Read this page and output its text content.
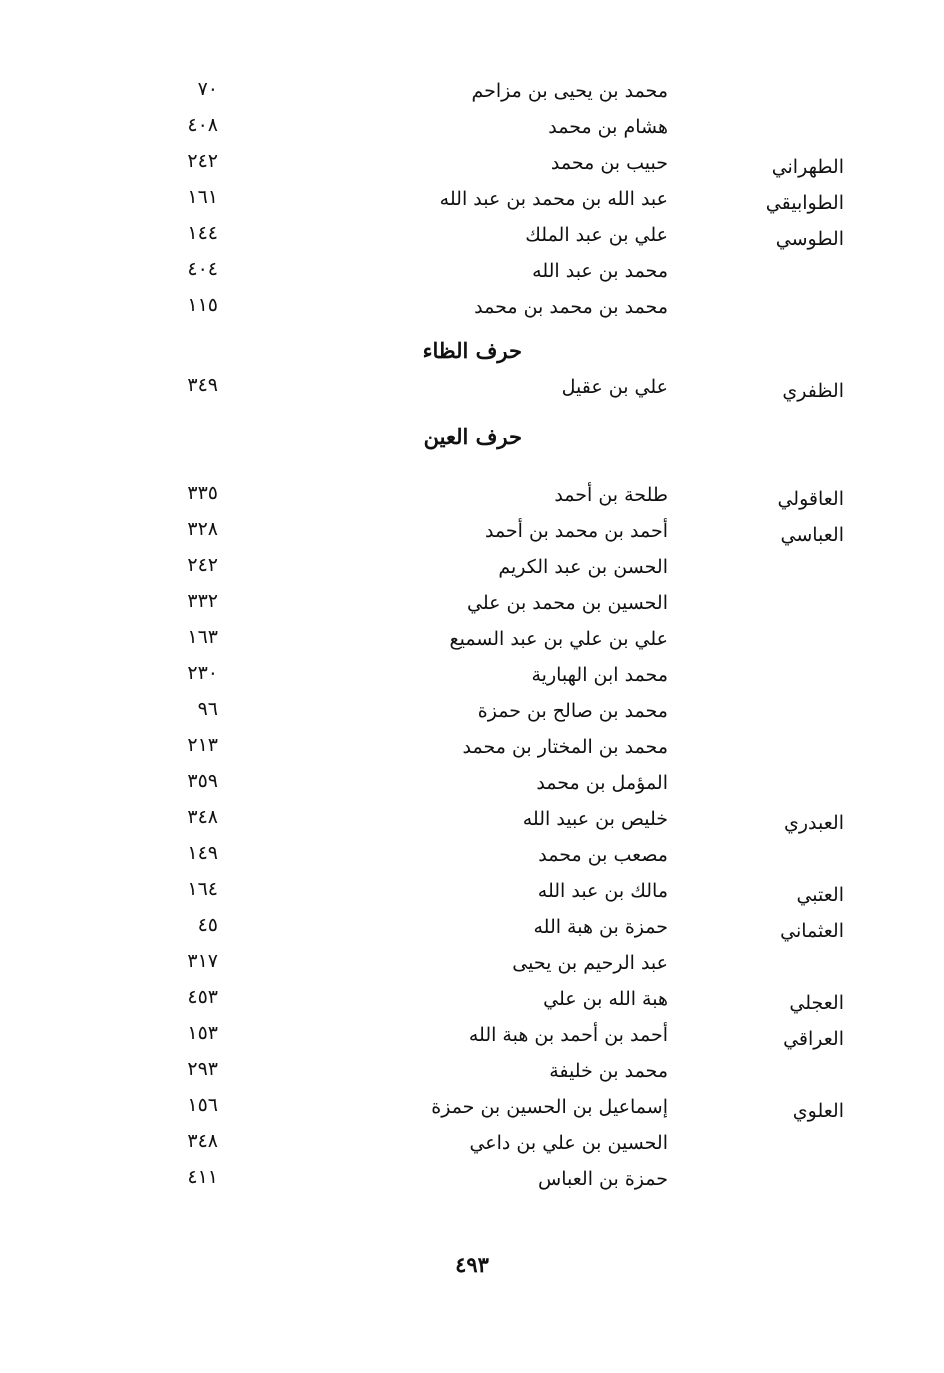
محمد بن يحيى بن مزاحم
٧٠
هشام بن محمد
٤٠٨
الطهراني
حبيب بن محمد
٢٤٢
الطوابيقي
عبد الله بن محمد بن عبد الله
١٦١
الطوسي
علي بن عبد الملك
١٤٤
محمد بن عبد الله
٤٠٤
محمد بن محمد بن محمد
١١٥
حرف الظاء
الظفري
علي بن عقيل
٣٤٩
حرف العين
العاقولي
طلحة بن أحمد
٣٣٥
العباسي
أحمد بن محمد بن أحمد
٣٢٨
الحسن بن عبد الكريم
٢٤٢
الحسين بن محمد بن علي
٣٣٢
علي بن علي بن عبد السميع
١٦٣
محمد ابن الهبارية
٢٣٠
محمد بن صالح بن حمزة
٩٦
محمد بن المختار بن محمد
٢١٣
المؤمل بن محمد
٣٥٩
العبدري
خليص بن عبيد الله
٣٤٨
مصعب بن محمد
١٤٩
العتبي
مالك بن عبد الله
١٦٤
العثماني
حمزة بن هبة الله
٤٥
عبد الرحيم بن يحيى
٣١٧
العجلي
هبة الله بن علي
٤٥٣
العراقي
أحمد بن أحمد بن هبة الله
١٥٣
محمد بن خليفة
٢٩٣
العلوي
إسماعيل بن الحسين بن حمزة
١٥٦
الحسين بن علي بن داعي
٣٤٨
حمزة بن العباس
٤١١
٤٩٣
